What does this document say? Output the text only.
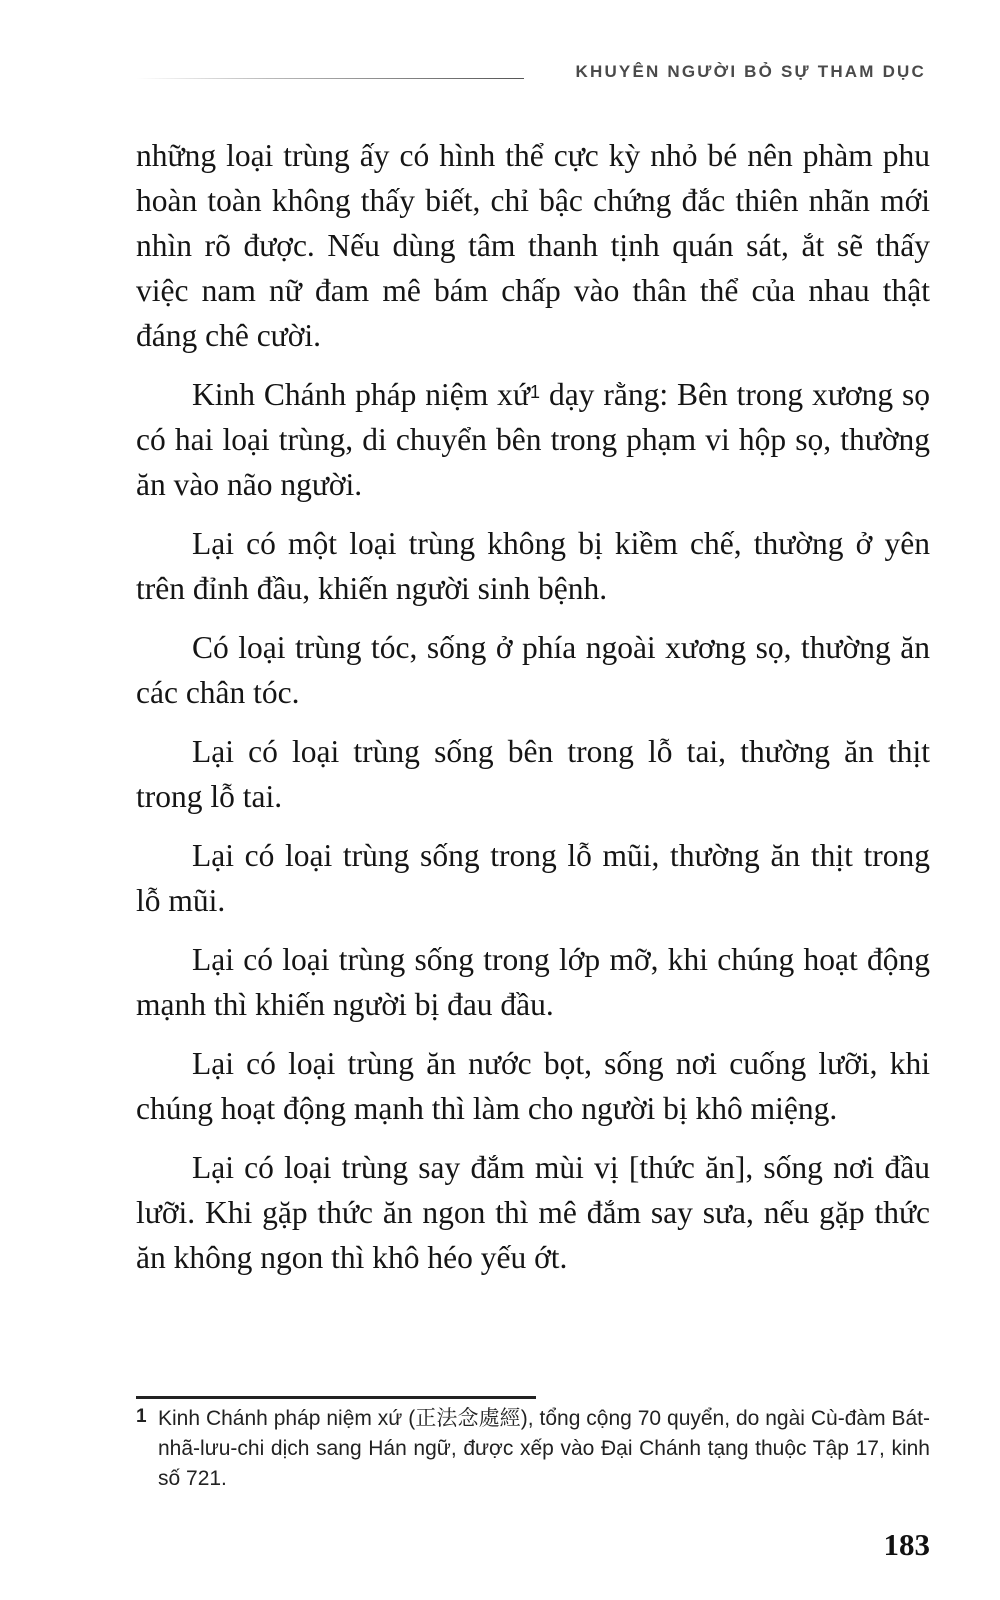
KHUYÊN NGƯỜI BỎ SỰ THAM DỤC

những loại trùng ấy có hình thể cực kỳ nhỏ bé nên phàm phu hoàn toàn không thấy biết, chỉ bậc chứng đắc thiên nhãn mới nhìn rõ được. Nếu dùng tâm thanh tịnh quán sát, ắt sẽ thấy việc nam nữ đam mê bám chấp vào thân thể của nhau thật đáng chê cười.

Kinh Chánh pháp niệm xứ$^1$ dạy rằng: Bên trong xương sọ có hai loại trùng, di chuyển bên trong phạm vi hộp sọ, thường ăn vào não người.

Lại có một loại trùng không bị kiềm chế, thường ở yên trên đỉnh đầu, khiến người sinh bệnh.

Có loại trùng tóc, sống ở phía ngoài xương sọ, thường ăn các chân tóc.

Lại có loại trùng sống bên trong lỗ tai, thường ăn thịt trong lỗ tai.

Lại có loại trùng sống trong lỗ mũi, thường ăn thịt trong lỗ mũi.

Lại có loại trùng sống trong lớp mỡ, khi chúng hoạt động mạnh thì khiến người bị đau đầu.

Lại có loại trùng ăn nước bọt, sống nơi cuống lưỡi, khi chúng hoạt động mạnh thì làm cho người bị khô miệng.

Lại có loại trùng say đắm mùi vị [thức ăn], sống nơi đầu lưỡi. Khi gặp thức ăn ngon thì mê đắm say sưa, nếu gặp thức ăn không ngon thì khô héo yếu ớt.

1 Kinh Chánh pháp niệm xứ (正法念處經), tổng cộng 70 quyển, do ngài Cù-đàm Bát-nhã-lưu-chi dịch sang Hán ngữ, được xếp vào Đại Chánh tạng thuộc Tập 17, kinh số 721.
183
